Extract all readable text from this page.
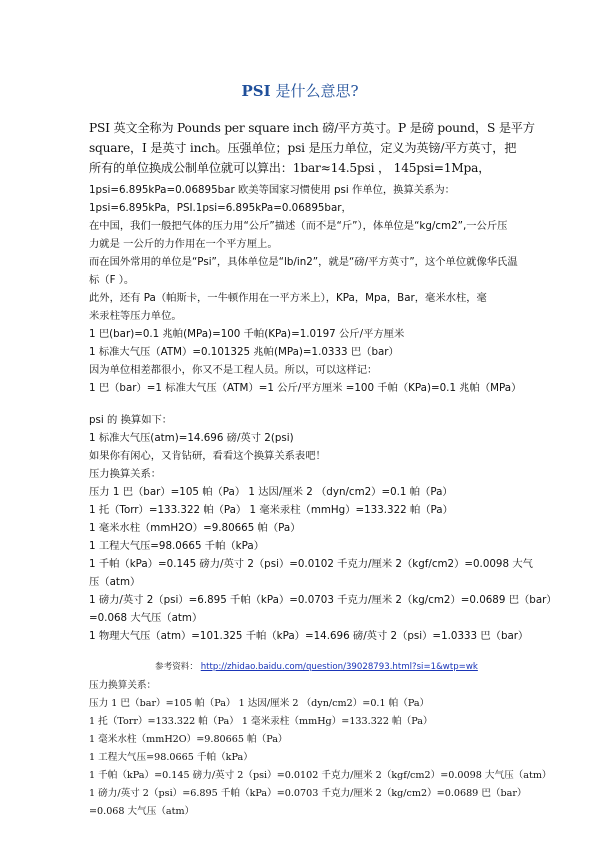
PSI 是什么意思?
PSI 英文全称为 Pounds per square inch 磅/平方英寸。P 是磅 pound，S 是平方
square，I 是英寸 inch。压强单位；psi 是压力单位，定义为英镑/平方英寸，把
所有的单位换成公制单位就可以算出：1bar≈14.5psi ， 145psi=1Mpa，
1psi=6.895kPa=0.06895bar 欧美等国家习惯使用 psi 作单位，换算关系为：
1psi=6.895kPa，PSI.1psi=6.895kPa=0.06895bar，
在中国，我们一般把气体的压力用“公斤”描述（而不是“斤”），体单位是“kg/cm2”,一公斤压
力就是 一公斤的力作用在一个平方厘上。
而在国外常用的单位是“Psi”，具体单位是“lb/in2”，就是“磅/平方英寸”，这个单位就像华氏温
标（F ）。
此外，还有 Pa（帕斯卡，一牛顿作用在一平方米上），KPa，Mpa，Bar，毫米水柱，毫
米汞柱等压力单位。
1 巴(bar)=0.1 兆帕(MPa)=100 千帕(KPa)=1.0197 公斤/平方厘米
1 标准大气压（ATM）=0.101325 兆帕(MPa)=1.0333 巴（bar）
因为单位相差都很小，你又不是工程人员。所以，可以这样记：
1 巴（bar）=1 标准大气压（ATM）=1 公斤/平方厘米 =100 千帕（KPa)=0.1 兆帕（MPa）
psi 的 换算如下：
1 标准大气压(atm)=14.696 磅/英寸 2(psi)
如果你有闲心，又肯钻研，看看这个换算关系表吧！
压力换算关系：
压力 1 巴（bar）=105 帕（Pa） 1 达因/厘米 2 （dyn/cm2）=0.1 帕（Pa）
1 托（Torr）=133.322 帕（Pa） 1 毫米汞柱（mmHg）=133.322 帕（Pa）
1 毫米水柱（mmH2O）=9.80665 帕（Pa）
1 工程大气压=98.0665 千帕（kPa）
1 千帕（kPa）=0.145 磅力/英寸 2（psi）=0.0102 千克力/厘米 2（kgf/cm2）=0.0098 大气
压（atm）
1 磅力/英寸 2（psi）=6.895 千帕（kPa）=0.0703 千克力/厘米 2（kg/cm2）=0.0689 巴（bar）
=0.068 大气压（atm）
1 物理大气压（atm）=101.325 千帕（kPa）=14.696 磅/英寸 2（psi）=1.0333 巴（bar）
参考资料： http://zhidao.baidu.com/question/39028793.html?si=1&wtp=wk
压力换算关系：
压力 1 巴（bar）=105 帕（Pa） 1 达因/厘米 2 （dyn/cm2）=0.1 帕（Pa）
1 托（Torr）=133.322 帕（Pa） 1 毫米汞柱（mmHg）=133.322 帕（Pa）
1 毫米水柱（mmH2O）=9.80665 帕（Pa）
1 工程大气压=98.0665 千帕（kPa）
1 千帕（kPa）=0.145 磅力/英寸 2（psi）=0.0102 千克力/厘米 2（kgf/cm2）=0.0098 大气压（atm）
1 磅力/英寸 2（psi）=6.895 千帕（kPa）=0.0703 千克力/厘米 2（kg/cm2）=0.0689 巴（bar）
=0.068 大气压（atm）
